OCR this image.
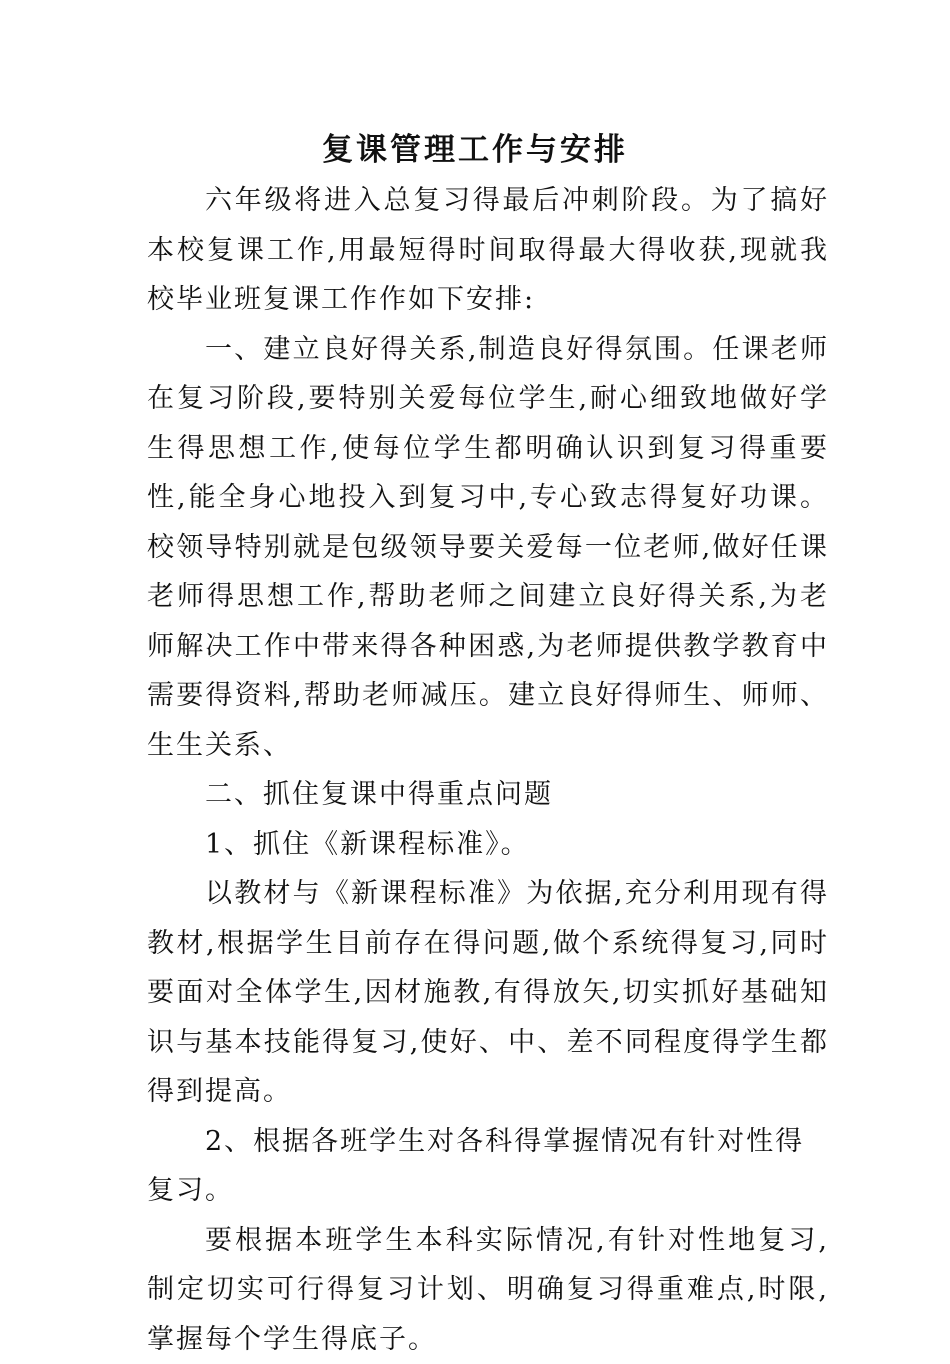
复课管理工作与安排

六年级将进入总复习得最后冲刺阶段。为了搞好本校复课工作,用最短得时间取得最大得收获,现就我校毕业班复课工作作如下安排:

一、建立良好得关系,制造良好得氛围。任课老师在复习阶段,要特别关爱每位学生,耐心细致地做好学生得思想工作,使每位学生都明确认识到复习得重要性,能全身心地投入到复习中,专心致志得复好功课。校领导特别就是包级领导要关爱每一位老师,做好任课老师得思想工作,帮助老师之间建立良好得关系,为老师解决工作中带来得各种困惑,为老师提供教学教育中需要得资料,帮助老师减压。建立良好得师生、师师、生生关系、

二、抓住复课中得重点问题

1、抓住《新课程标准》。

以教材与《新课程标准》为依据,充分利用现有得教材,根据学生目前存在得问题,做个系统得复习,同时要面对全体学生,因材施教,有得放矢,切实抓好基础知识与基本技能得复习,使好、中、差不同程度得学生都得到提高。

2、根据各班学生对各科得掌握情况有针对性得复习。

要根据本班学生本科实际情况,有针对性地复习,制定切实可行得复习计划、明确复习得重难点,时限,掌握每个学生得底子。
